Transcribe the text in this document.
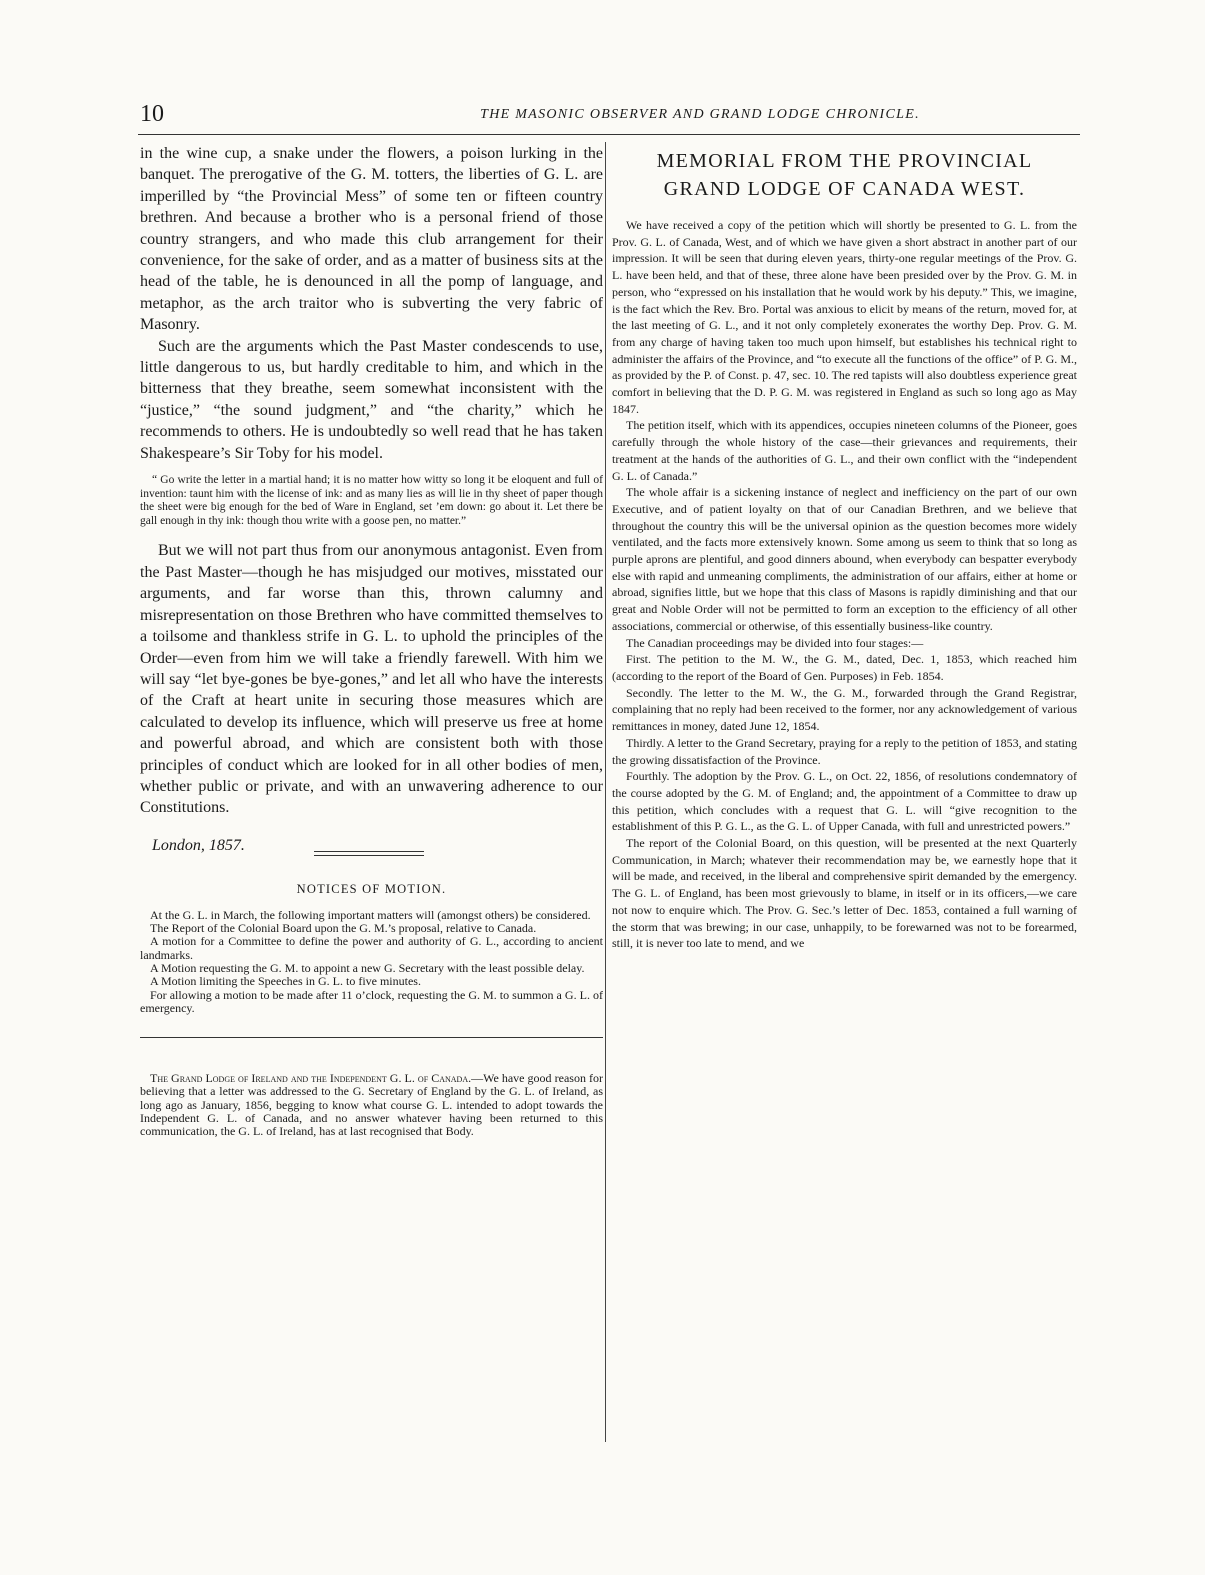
10	THE MASONIC OBSERVER AND GRAND LODGE CHRONICLE.

in the wine cup, a snake under the flowers, a poison lurking in the banquet. The prerogative of the G. M. totters, the liberties of G. L. are imperilled by “the Provincial Mess” of some ten or fifteen country brethren. And because a brother who is a personal friend of those country strangers, and who made this club arrangement for their convenience, for the sake of order, and as a matter of business sits at the head of the table, he is denounced in all the pomp of language, and metaphor, as the arch traitor who is subverting the very fabric of Masonry.

Such are the arguments which the Past Master condescends to use, little dangerous to us, but hardly creditable to him, and which in the bitterness that they breathe, seem somewhat inconsistent with the “justice,” “the sound judgment,” and “the charity,” which he recommends to others. He is undoubtedly so well read that he has taken Shakespeare’s Sir Toby for his model.

“ Go write the letter in a martial hand; it is no matter how witty so long it be eloquent and full of invention: taunt him with the license of ink: and as many lies as will lie in thy sheet of paper though the sheet were big enough for the bed of Ware in England, set ’em down: go about it. Let there be gall enough in thy ink: though thou write with a goose pen, no matter.”

But we will not part thus from our anonymous antagonist. Even from the Past Master—though he has misjudged our motives, misstated our arguments, and far worse than this, thrown calumny and misrepresentation on those Brethren who have committed themselves to a toilsome and thankless strife in G. L. to uphold the principles of the Order—even from him we will take a friendly farewell. With him we will say “let bye-gones be bye-gones,” and let all who have the interests of the Craft at heart unite in securing those measures which are calculated to develop its influence, which will preserve us free at home and powerful abroad, and which are consistent both with those principles of conduct which are looked for in all other bodies of men, whether public or private, and with an unwavering adherence to our Constitutions.

London, 1857.
NOTICES OF MOTION.

At the G. L. in March, the following important matters will (amongst others) be considered.

The Report of the Colonial Board upon the G. M.’s proposal, relative to Canada.

A motion for a Committee to define the power and authority of G. L., according to ancient landmarks.

A Motion requesting the G. M. to appoint a new G. Secretary with the least possible delay.

A Motion limiting the Speeches in G. L. to five minutes.

For allowing a motion to be made after 11 o’clock, requesting the G. M. to summon a G. L. of emergency.

The Grand Lodge of Ireland and the Independent G. L. of Canada.—We have good reason for believing that a letter was addressed to the G. Secretary of England by the G. L. of Ireland, as long ago as January, 1856, begging to know what course G. L. intended to adopt towards the Independent G. L. of Canada, and no answer whatever having been returned to this communication, the G. L. of Ireland, has at last recognised that Body.

MEMORIAL FROM THE PROVINCIAL GRAND LODGE OF CANADA WEST.

We have received a copy of the petition which will shortly be presented to G. L. from the Prov. G. L. of Canada, West, and of which we have given a short abstract in another part of our impression. It will be seen that during eleven years, thirty-one regular meetings of the Prov. G. L. have been held, and that of these, three alone have been presided over by the Prov. G. M. in person, who “expressed on his installation that he would work by his deputy.” This, we imagine, is the fact which the Rev. Bro. Portal was anxious to elicit by means of the return, moved for, at the last meeting of G. L., and it not only completely exonerates the worthy Dep. Prov. G. M. from any charge of having taken too much upon himself, but establishes his technical right to administer the affairs of the Province, and “to execute all the functions of the office” of P. G. M., as provided by the P. of Const. p. 47, sec. 10. The red tapists will also doubtless experience great comfort in believing that the D. P. G. M. was registered in England as such so long ago as May 1847.

The petition itself, which with its appendices, occupies nineteen columns of the Pioneer, goes carefully through the whole history of the case—their grievances and requirements, their treatment at the hands of the authorities of G. L., and their own conflict with the “independent G. L. of Canada.”

The whole affair is a sickening instance of neglect and inefficiency on the part of our own Executive, and of patient loyalty on that of our Canadian Brethren, and we believe that throughout the country this will be the universal opinion as the question becomes more widely ventilated, and the facts more extensively known. Some among us seem to think that so long as purple aprons are plentiful, and good dinners abound, when everybody can bespatter everybody else with rapid and unmeaning compliments, the administration of our affairs, either at home or abroad, signifies little, but we hope that this class of Masons is rapidly diminishing and that our great and Noble Order will not be permitted to form an exception to the efficiency of all other associations, commercial or otherwise, of this essentially business-like country.

The Canadian proceedings may be divided into four stages:—

First. The petition to the M. W., the G. M., dated, Dec. 1, 1853, which reached him (according to the report of the Board of Gen. Purposes) in Feb. 1854.

Secondly. The letter to the M. W., the G. M., forwarded through the Grand Registrar, complaining that no reply had been received to the former, nor any acknowledgement of various remittances in money, dated June 12, 1854.

Thirdly. A letter to the Grand Secretary, praying for a reply to the petition of 1853, and stating the growing dissatisfaction of the Province.

Fourthly. The adoption by the Prov. G. L., on Oct. 22, 1856, of resolutions condemnatory of the course adopted by the G. M. of England; and, the appointment of a Committee to draw up this petition, which concludes with a request that G. L. will “give recognition to the establishment of this P. G. L., as the G. L. of Upper Canada, with full and unrestricted powers.”

The report of the Colonial Board, on this question, will be presented at the next Quarterly Communication, in March; whatever their recommendation may be, we earnestly hope that it will be made, and received, in the liberal and comprehensive spirit demanded by the emergency. The G. L. of England, has been most grievously to blame, in itself or in its officers,—we care not now to enquire which. The Prov. G. Sec.’s letter of Dec. 1853, contained a full warning of the storm that was brewing; in our case, unhappily, to be forewarned was not to be forearmed, still, it is never too late to mend, and we
